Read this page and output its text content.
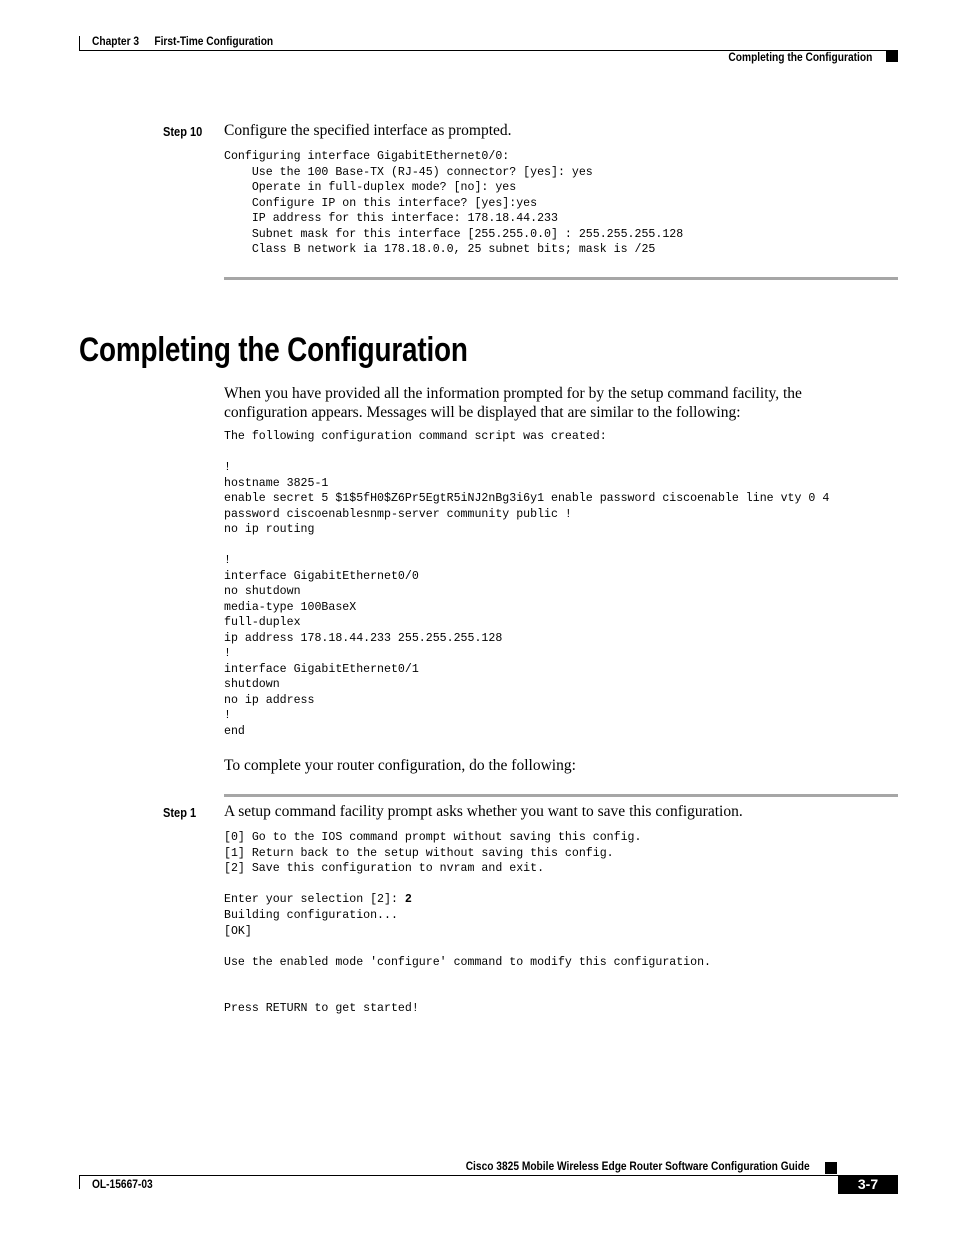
Chapter 3 First-Time Configuration
Completing the Configuration
Step 10 Configure the specified interface as prompted.
Configuring interface GigabitEthernet0/0:
Use the 100 Base-TX (RJ-45) connector? [yes]: yes
Operate in full-duplex mode? [no]: yes
Configure IP on this interface? [yes]:yes
IP address for this interface: 178.18.44.233
Subnet mask for this interface [255.255.0.0] : 255.255.255.128
Class B network ia 178.18.0.0, 25 subnet bits; mask is /25
Completing the Configuration
When you have provided all the information prompted for by the setup command facility, the configuration appears. Messages will be displayed that are similar to the following:
The following configuration command script was created:

!
hostname 3825-1
enable secret 5 $1$5fH0$Z6Pr5EgtR5iNJ2nBg3i6y1 enable password ciscoenable line vty 0 4
password ciscoenablesnmp-server community public !
no ip routing

!
interface GigabitEthernet0/0
no shutdown
media-type 100BaseX
full-duplex
ip address 178.18.44.233 255.255.255.128
!
interface GigabitEthernet0/1
shutdown
no ip address
!
end
To complete your router configuration, do the following:
Step 1 A setup command facility prompt asks whether you want to save this configuration.
[0] Go to the IOS command prompt without saving this config.
[1] Return back to the setup without saving this config.
[2] Save this configuration to nvram and exit.
Enter your selection [2]: 2
Building configuration...
[OK]

Use the enabled mode 'configure' command to modify this configuration.

Press RETURN to get started!
Cisco 3825 Mobile Wireless Edge Router Software Configuration Guide
OL-15667-03	3-7
